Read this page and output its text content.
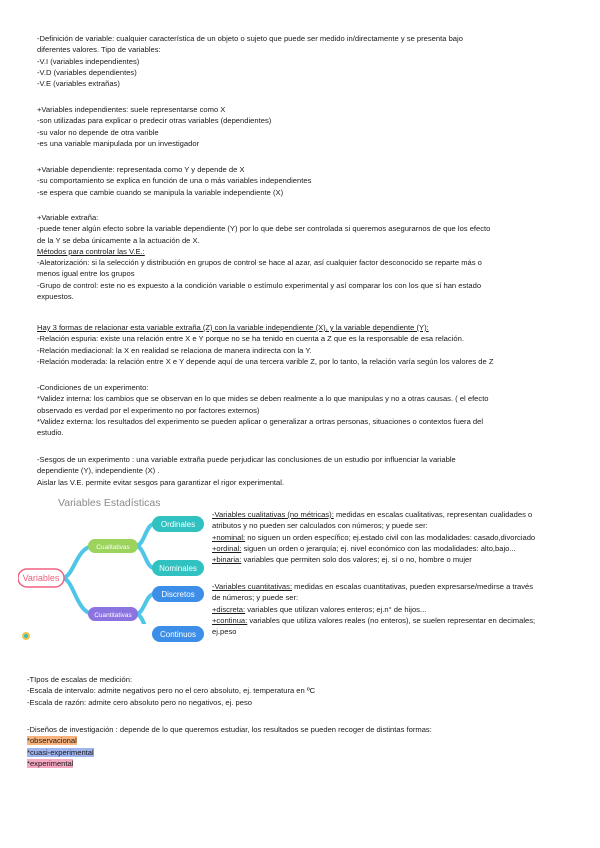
-Definición de variable: cualquier característica de un objeto o sujeto que puede ser medido in/directamente y se presenta bajo

diferentes valores. Tipo de variables:

-V.I (variables independientes)

-V.D (variables dependientes)

-V.E (variables extrañas)

+Variables independientes: suele representarse como X

-son utilizadas para explicar o predecir otras variables (dependientes)

-su valor no depende de otra varible

-es una variable manipulada por un investigador

+Variable dependiente: representada como Y y depende de X

-su comportamiento se explica en función de una o más variables independientes

-se espera que cambie cuando se manipula la variable independiente (X)

+Variable extraña:

-puede tener algún efecto sobre la variable dependiente (Y) por lo que debe ser controlada si queremos asegurarnos de que los efecto

de la Y se deba únicamente a la actuación de X.

Métodos para controlar las V.E.:

-Aleatorización: si la selección y distribución en grupos de control se hace al azar, así cualquier factor desconocido se reparte más o

menos igual entre los grupos

-Grupo de control: este no es expuesto a la condición variable o estímulo experimental y así comparar los con los que sí han estado

expuestos.

Hay 3 formas de relacionar esta variable extraña (Z) con la variable independiente (X), y la variable dependiente (Y):

-Relación espuria: existe una relación entre X e Y porque no se ha tenido en cuenta a Z que es la responsable de esa relación.

-Relación mediacional: la X en realidad se relaciona de manera indirecta con la Y.

-Relación moderada: la relación entre X e Y depende aquí de una tercera varible Z, por lo tanto, la relación varía según los valores de Z

-Condiciones de un experimento:

*Validez interna: los cambios que se observan en lo que mides se deben realmente a lo que manipulas y no a otras causas. ( el efecto

observado es verdad por el experimento no por factores externos)

*Validez externa: los resultados del experimento se pueden aplicar o generalizar a ortras personas, situaciones o contextos fuera del

estudio.

-Sesgos de un experimento : una variable extraña puede perjudicar las conclusiones de un estudio por influenciar la variable

dependiente (Y), independiente (X) .

Aislar las V.E. permite evitar sesgos para garantizar el rigor experimental.

Variables Estadísticas
Variables
Cualitativas
Cuantitativas
Ordinales
Nominales
Discretos
Continuos

-Variables cualitativas (no métricas): medidas en escalas cualitativas, representan cualidades o

atributos y no pueden ser calculados con números; y puede ser:

+nominal: no siguen un orden específico; ej.estado civil con las modalidades: casado,divorciado

+ordinal: siguen un orden o jerarquía; ej. nivel económico con las modalidades: alto,bajo...

+binaria: variables que permiten solo dos valores; ej. sí o no, hombre o mujer

-Variables cuantitativas: medidas en escalas cuantitativas, pueden expresarse/medirse a través

de números; y puede ser:

+discreta: variables que utilizan valores enteros; ej.n° de hijos...

+continua: variables que utiliza valores reales (no enteros), se suelen representar en decimales;

ej.peso

-TIpos de escalas de medición:

-Escala de intervalo: admite negativos pero no el cero absoluto, ej. temperatura en ºC

-Escala de razón: admite cero absoluto pero no negativos, ej. peso

-Diseños de investigación : depende de lo que queremos estudiar, los resultados se pueden recoger de distintas formas:

*observacional

*cuasi-experimental

*experimental
